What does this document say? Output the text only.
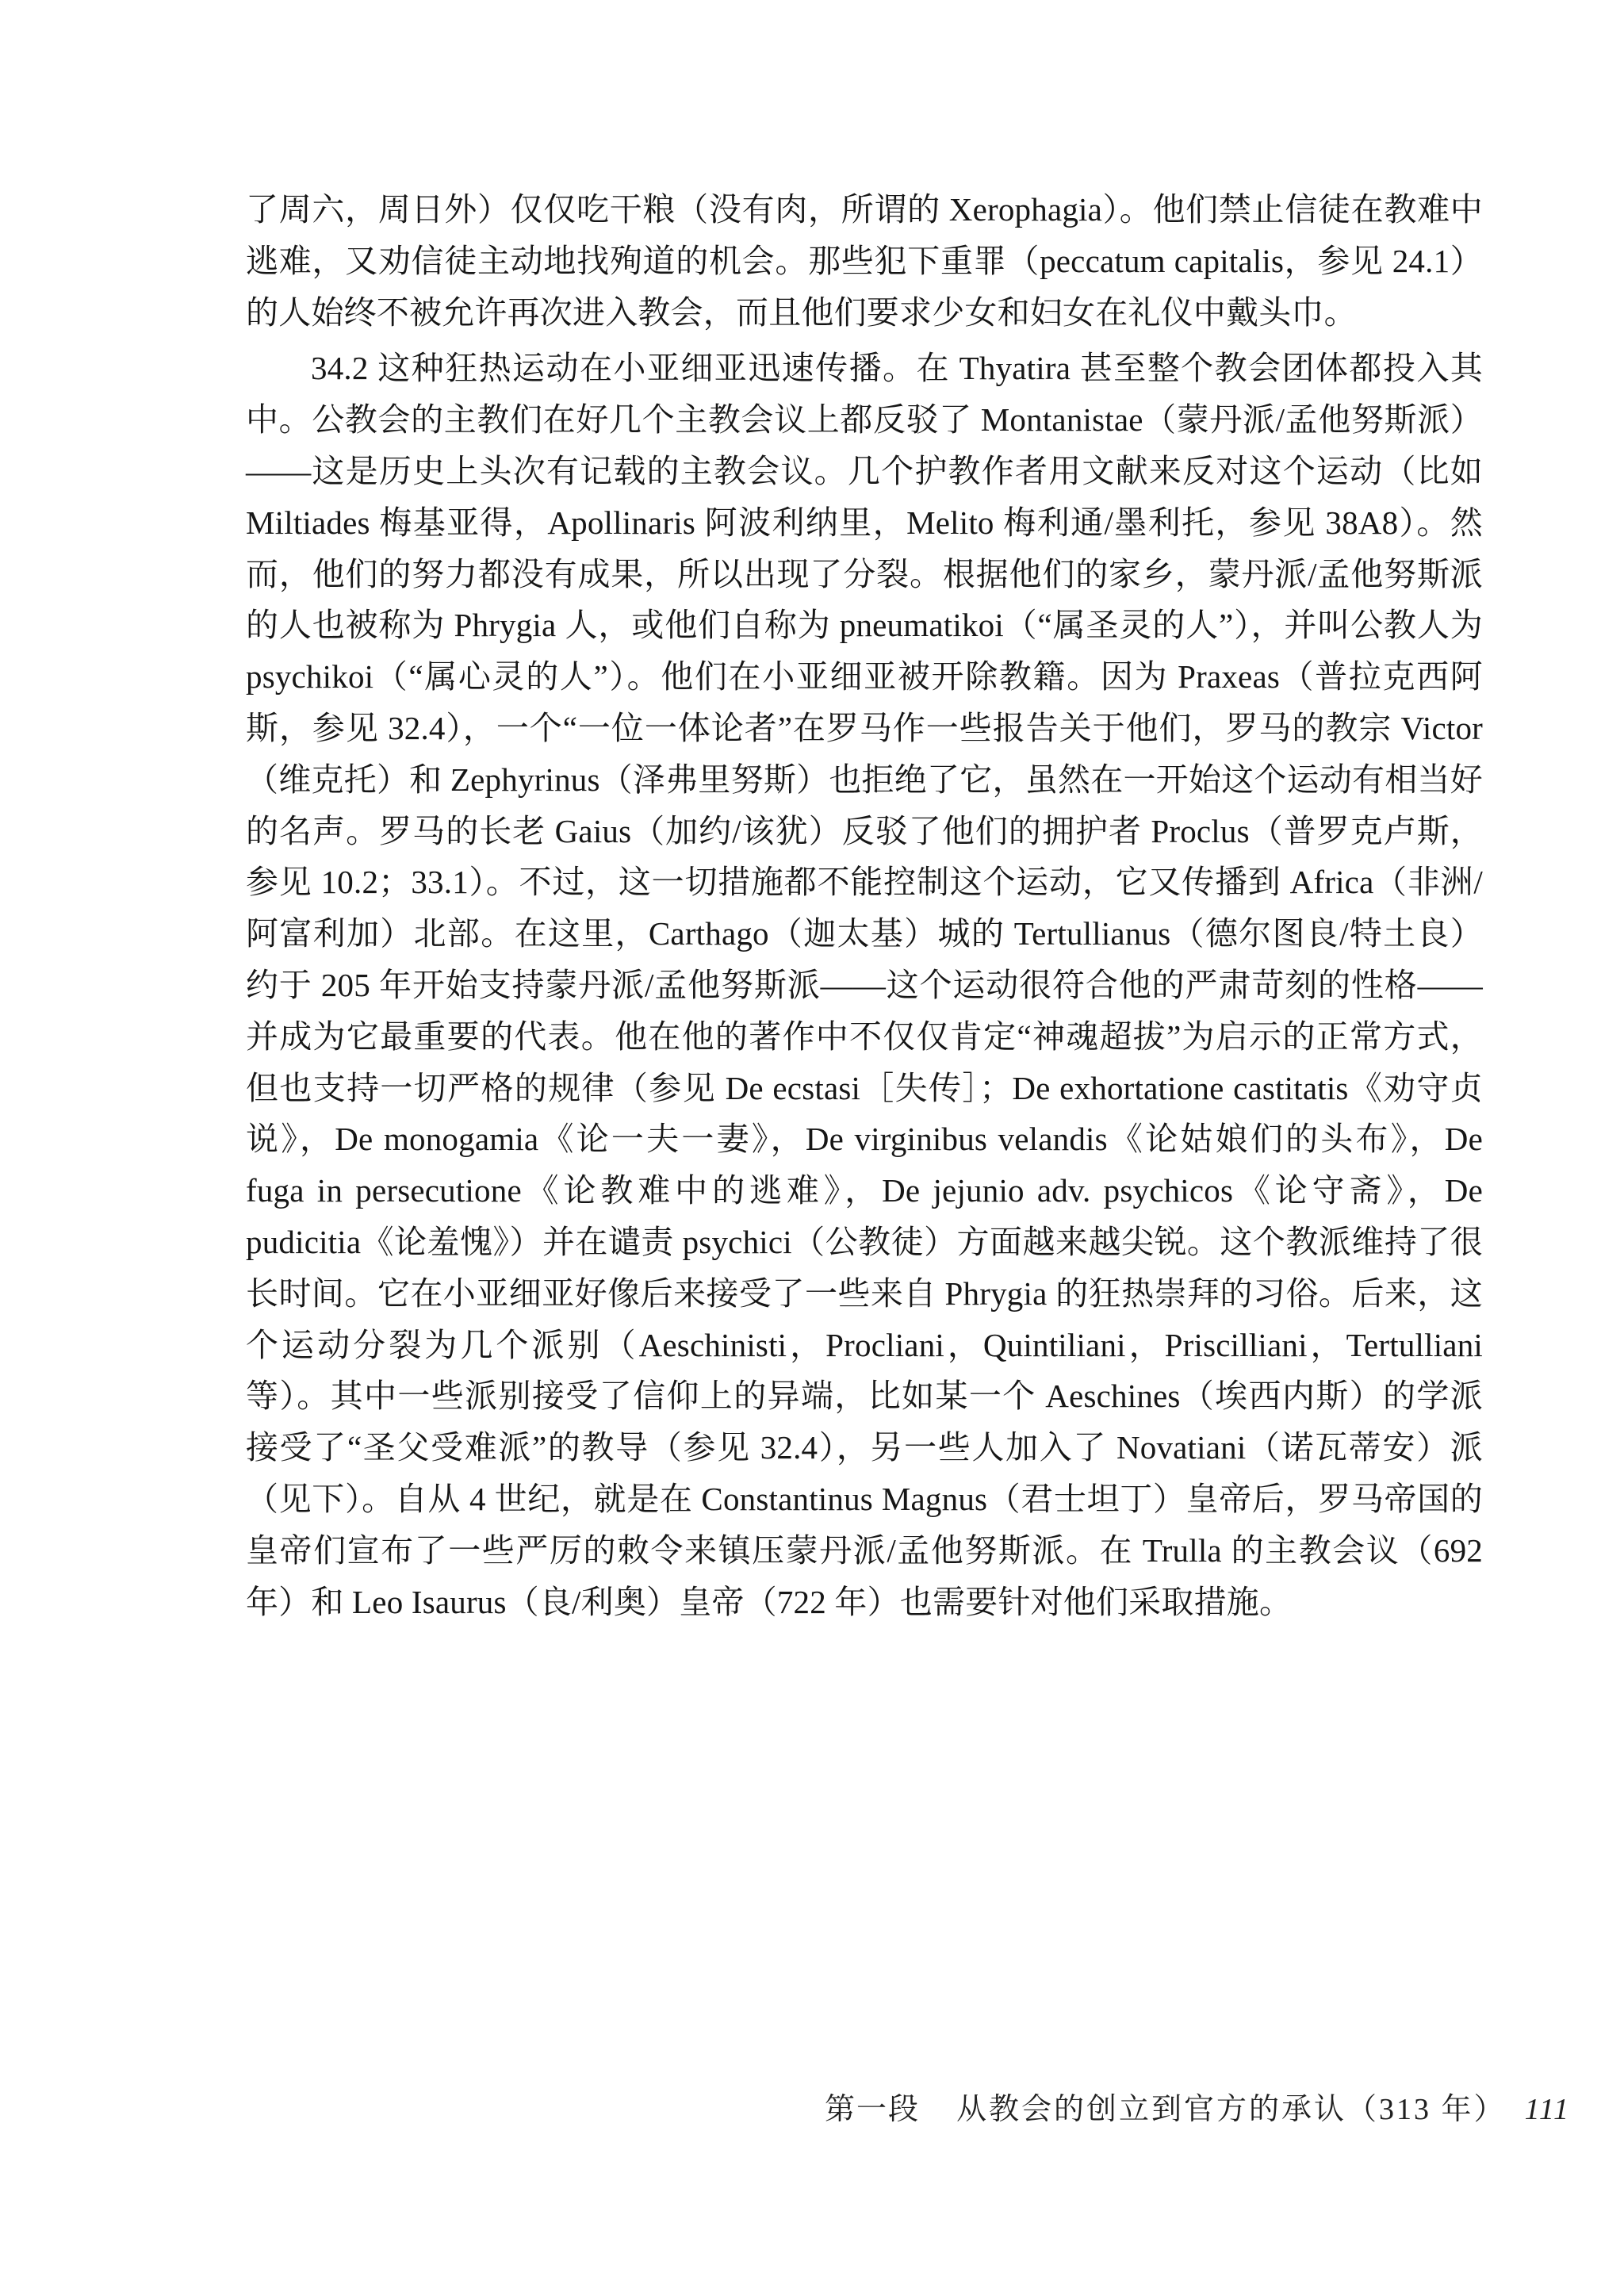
了周六，周日外）仅仅吃干粮（没有肉，所谓的 Xerophagia）。他们禁止信徒在教难中逃难，又劝信徒主动地找殉道的机会。那些犯下重罪（peccatum capitalis，参见 24.1）的人始终不被允许再次进入教会，而且他们要求少女和妇女在礼仪中戴头巾。

34.2 这种狂热运动在小亚细亚迅速传播。在 Thyatira 甚至整个教会团体都投入其中。公教会的主教们在好几个主教会议上都反驳了 Montanistae（蒙丹派/孟他努斯派）——这是历史上头次有记载的主教会议。几个护教作者用文献来反对这个运动（比如 Miltiades 梅基亚得，Apollinaris 阿波利纳里，Melito 梅利通/墨利托，参见 38A8）。然而，他们的努力都没有成果，所以出现了分裂。根据他们的家乡，蒙丹派/孟他努斯派的人也被称为 Phrygia 人，或他们自称为 pneumatikoi（“属圣灵的人”），并叫公教人为 psychikoi（“属心灵的人”）。他们在小亚细亚被开除教籍。因为 Praxeas（普拉克西阿斯，参见 32.4），一个“一位一体论者”在罗马作一些报告关于他们，罗马的教宗 Victor（维克托）和 Zephyrinus（泽弗里努斯）也拒绝了它，虽然在一开始这个运动有相当好的名声。罗马的长老 Gaius（加约/该犹）反驳了他们的拥护者 Proclus（普罗克卢斯，参见 10.2；33.1）。不过，这一切措施都不能控制这个运动，它又传播到 Africa（非洲/阿富利加）北部。在这里，Carthago（迦太基）城的 Tertullianus（德尔图良/特土良）约于 205 年开始支持蒙丹派/孟他努斯派——这个运动很符合他的严肃苛刻的性格——并成为它最重要的代表。他在他的著作中不仅仅肯定“神魂超拔”为启示的正常方式，但也支持一切严格的规律（参见 De ecstasi［失传］；De exhortatione castitatis《劝守贞说》，De monogamia《论一夫一妻》，De virginibus velandis《论姑娘们的头布》，De fuga in persecutione《论教难中的逃难》，De jejunio adv. psychicos《论守斋》，De pudicitia《论羞愧》）并在谴责 psychici（公教徒）方面越来越尖锐。这个教派维持了很长时间。它在小亚细亚好像后来接受了一些来自 Phrygia 的狂热崇拜的习俗。后来，这个运动分裂为几个派别（Aeschinisti，Procliani，Quintiliani，Priscilliani，Tertulliani 等）。其中一些派别接受了信仰上的异端，比如某一个 Aeschines（埃西内斯）的学派接受了“圣父受难派”的教导（参见 32.4），另一些人加入了 Novatiani（诺瓦蒂安）派（见下）。自从 4 世纪，就是在 Constantinus Magnus（君士坦丁）皇帝后，罗马帝国的皇帝们宣布了一些严厉的敕令来镇压蒙丹派/孟他努斯派。在 Trulla 的主教会议（692 年）和 Leo Isaurus（良/利奥）皇帝（722 年）也需要针对他们采取措施。

第一段 从教会的创立到官方的承认（313 年） 111
